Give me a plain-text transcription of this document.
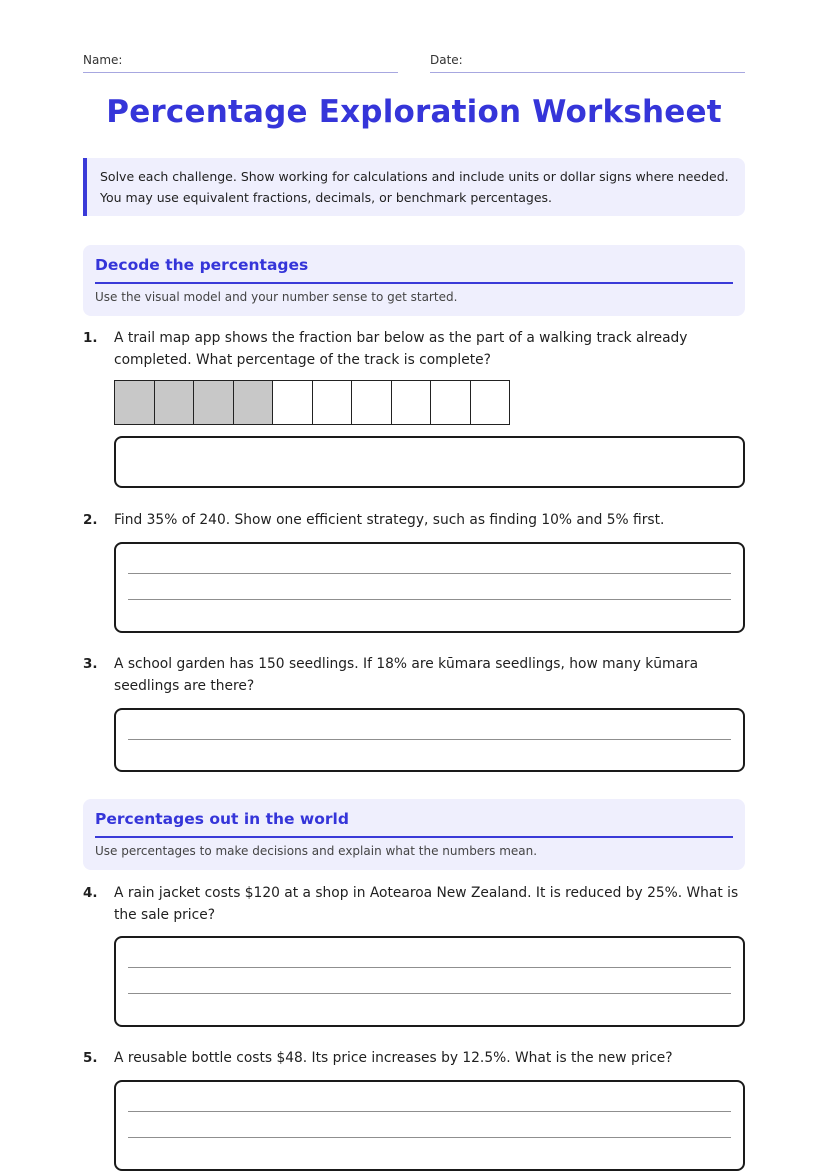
Name:	Date:
Percentage Exploration Worksheet
Solve each challenge. Show working for calculations and include units or dollar signs where needed. You may use equivalent fractions, decimals, or benchmark percentages.
Decode the percentages
Use the visual model and your number sense to get started.
1. A trail map app shows the fraction bar below as the part of a walking track already completed. What percentage of the track is complete?
2. Find 35% of 240. Show one efficient strategy, such as finding 10% and 5% first.
3. A school garden has 150 seedlings. If 18% are kūmara seedlings, how many kūmara seedlings are there?
Percentages out in the world
Use percentages to make decisions and explain what the numbers mean.
4. A rain jacket costs $120 at a shop in Aotearoa New Zealand. It is reduced by 25%. What is the sale price?
5. A reusable bottle costs $48. Its price increases by 12.5%. What is the new price?
